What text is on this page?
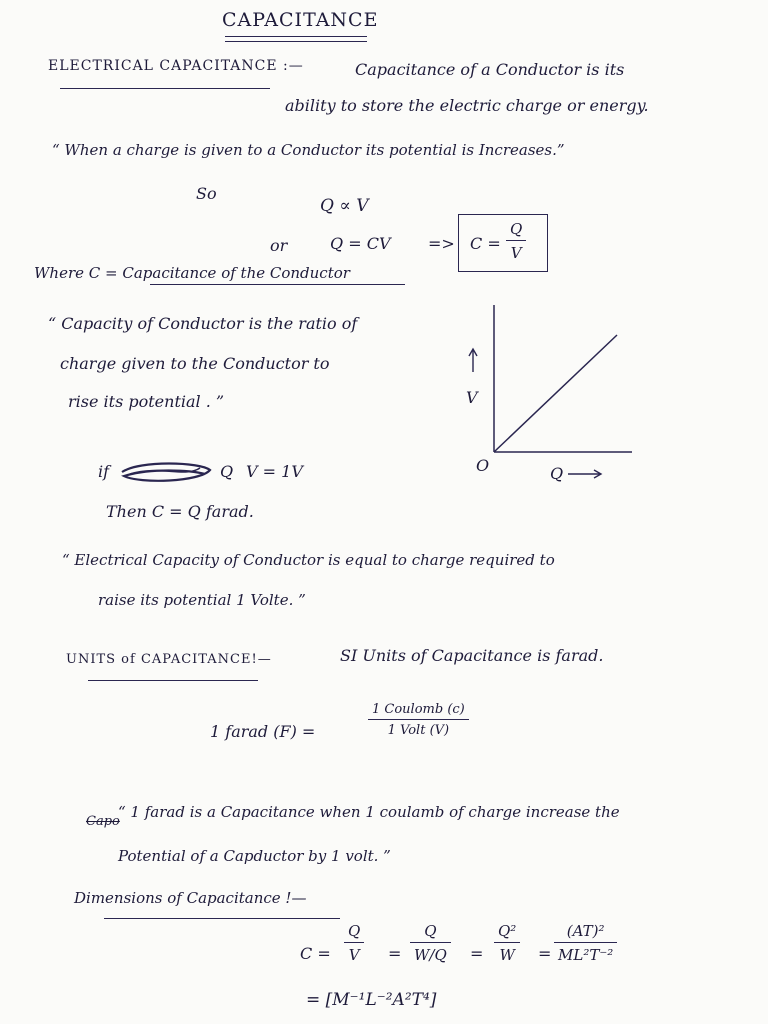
CAPACITANCE
ELECTRICAL CAPACITANCE :—	Capacitance of a Conductor is its
ability to store the electric charge or energy.
“ When a charge is given to a Conductor its potential is Increases.”
So
Q ∝ V
or	Q = CV => C =
Q
V
Where C = Capacitance of the Conductor
“ Capacity of Conductor is the ratio of
charge given to the Conductor to
rise its potential . ”	V
Q
O
if	Q V = 1V
Then C = Q farad.
“ Electrical Capacity of Conductor is equal to charge required to
raise its potential 1 Volte. ”
UNITS of CAPACITANCE!—	SI Units of Capacitance is farad.
1 farad (F) =
1 Coulomb (c)
1 Volt (V)
Capo
“ 1 farad is a Capacitance when 1 coulamb of charge increase the
Potential of a Capductor by 1 volt. ”
Dimensions of Capacitance !—
C =
Q
V =
Q
W/Q =
Q²
W =
(AT)²
ML²T⁻²
= [M⁻¹L⁻²A²T⁴]
